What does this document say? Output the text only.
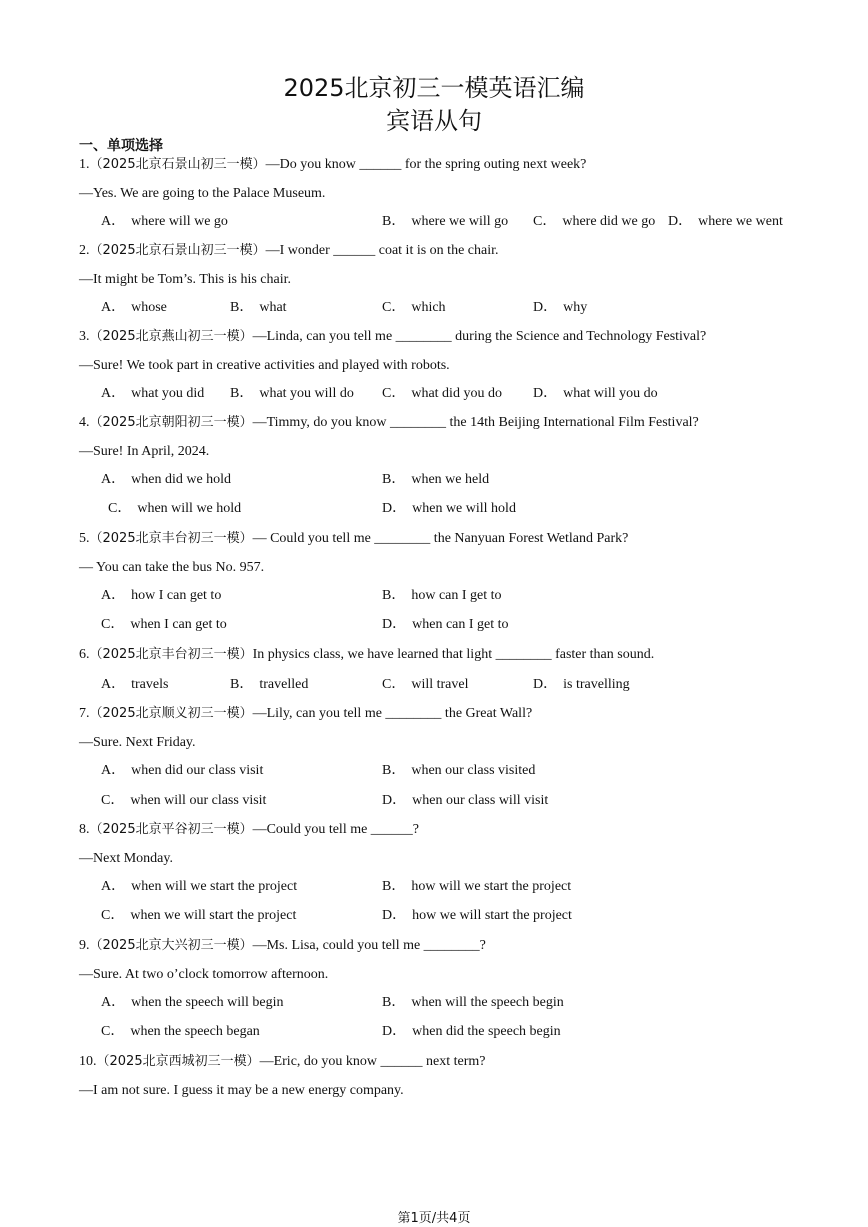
2025北京初三一模英语汇编
宾语从句
一、单项选择
1.（2025北京石景山初三一模）—Do you know ______ for the spring outing next week?
—Yes. We are going to the Palace Museum.
A． where will we go	B． where we will go C． where did we go D． where we went
2.（2025北京石景山初三一模）—I wonder ______ coat it is on the chair.
—It might be Tom’s. This is his chair.
A． whose	B． what	C． which	D． why
3.（2025北京燕山初三一模）—Linda, can you tell me ________ during the Science and Technology Festival?
—Sure! We took part in creative activities and played with robots.
A． what you did B． what you will do C． what did you do D． what will you do
4.（2025北京朝阳初三一模）—Timmy, do you know ________ the 14th Beijing International Film Festival?
—Sure! In April, 2024.
A． when did we hold	B． when we held
C． when will we hold	D． when we will hold
5.（2025北京丰台初三一模）— Could you tell me ________ the Nanyuan Forest Wetland Park?
— You can take the bus No. 957.
A． how I can get to	B． how can I get to
C． when I can get to	D． when can I get to
6.（2025北京丰台初三一模）In physics class, we have learned that light ________ faster than sound.
A． travels	B． travelled	C． will travel	D． is travelling
7.（2025北京顺义初三一模）—Lily, can you tell me ________ the Great Wall?
—Sure. Next Friday.
A． when did our class visit	B． when our class visited
C． when will our class visit	D． when our class will visit
8.（2025北京平谷初三一模）—Could you tell me ______?
—Next Monday.
A． when will we start the project	B． how will we start the project
C． when we will start the project	D． how we will start the project
9.（2025北京大兴初三一模）—Ms. Lisa, could you tell me ________?
—Sure. At two o’clock tomorrow afternoon.
A． when the speech will begin	B． when will the speech begin
C． when the speech began	D． when did the speech begin
10.（2025北京西城初三一模）—Eric, do you know ______ next term?
—I am not sure. I guess it may be a new energy company.
第1页/共4页
